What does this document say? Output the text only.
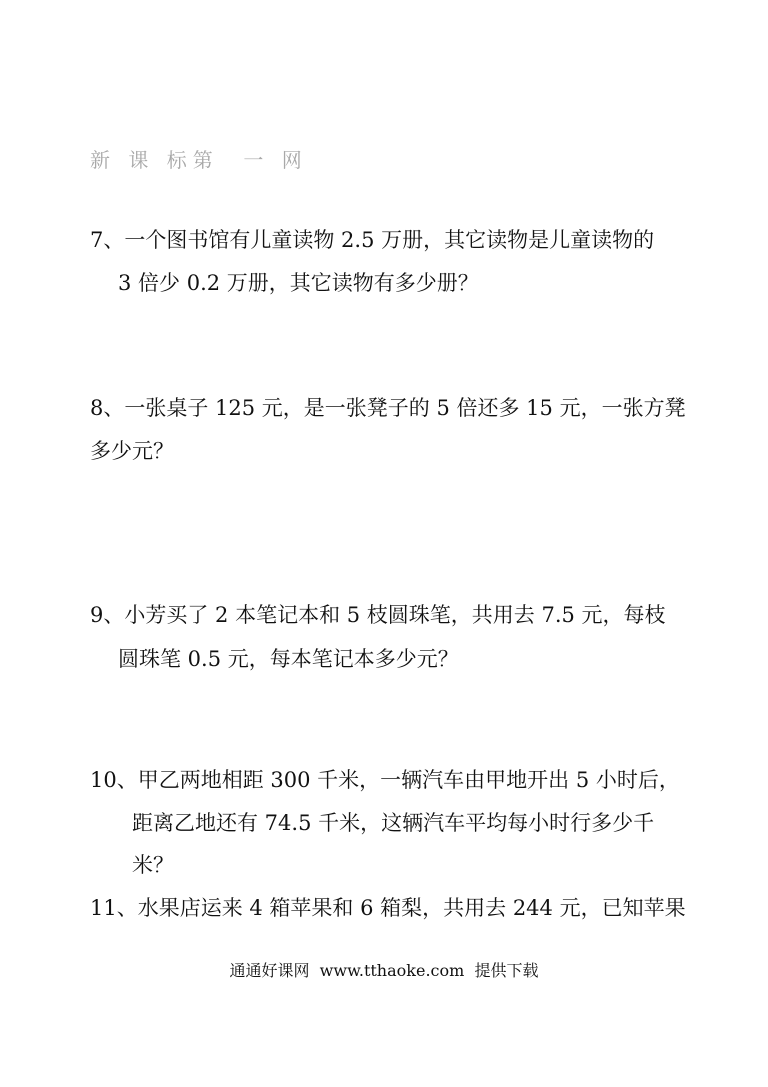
新 课 标第  一 网
7、一个图书馆有儿童读物 2.5 万册，其它读物是儿童读物的
3 倍少 0.2 万册，其它读物有多少册？
8、一张桌子 125 元，是一张凳子的 5 倍还多 15 元，一张方凳
多少元？
9、小芳买了 2 本笔记本和 5 枝圆珠笔，共用去 7.5 元，每枝
圆珠笔 0.5 元，每本笔记本多少元？
10、甲乙两地相距 300 千米，一辆汽车由甲地开出 5 小时后，
距离乙地还有 74.5 千米，这辆汽车平均每小时行多少千
米？
11、水果店运来 4 箱苹果和 6 箱梨，共用去 244 元，已知苹果
通通好课网  www.tthaoke.com  提供下载
